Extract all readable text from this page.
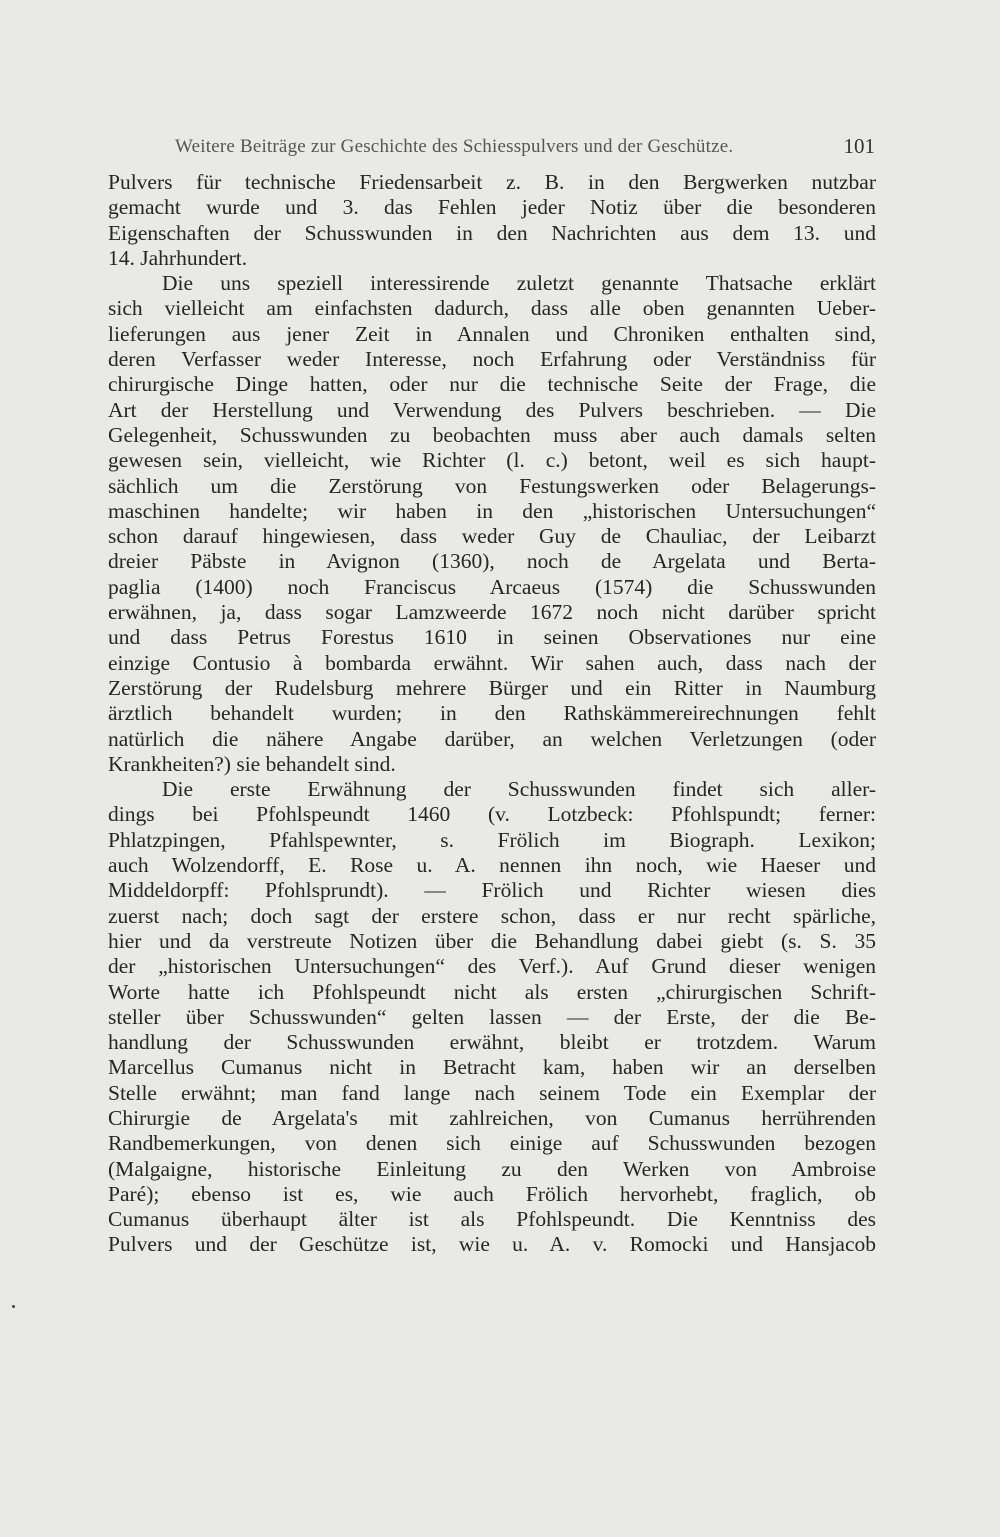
Weitere Beiträge zur Geschichte des Schiesspulvers und der Geschütze.	101
Pulvers für technische Friedensarbeit z. B. in den Bergwerken nutzbar
gemacht wurde und 3. das Fehlen jeder Notiz über die besonderen
Eigenschaften der Schusswunden in den Nachrichten aus dem 13. und
14. Jahrhundert.
Die uns speziell interessirende zuletzt genannte Thatsache erklärt
sich vielleicht am einfachsten dadurch, dass alle oben genannten Ueber-
lieferungen aus jener Zeit in Annalen und Chroniken enthalten sind,
deren Verfasser weder Interesse, noch Erfahrung oder Verständniss für
chirurgische Dinge hatten, oder nur die technische Seite der Frage, die
Art der Herstellung und Verwendung des Pulvers beschrieben. — Die
Gelegenheit, Schusswunden zu beobachten muss aber auch damals selten
gewesen sein, vielleicht, wie Richter (l. c.) betont, weil es sich haupt-
sächlich um die Zerstörung von Festungswerken oder Belagerungs-
maschinen handelte; wir haben in den „historischen Untersuchungen“
schon darauf hingewiesen, dass weder Guy de Chauliac, der Leibarzt
dreier Päbste in Avignon (1360), noch de Argelata und Berta-
paglia (1400) noch Franciscus Arcaeus (1574) die Schusswunden
erwähnen, ja, dass sogar Lamzweerde 1672 noch nicht darüber spricht
und dass Petrus Forestus 1610 in seinen Observationes nur eine
einzige Contusio à bombarda erwähnt. Wir sahen auch, dass nach der
Zerstörung der Rudelsburg mehrere Bürger und ein Ritter in Naumburg
ärztlich behandelt wurden; in den Rathskämmereirechnungen fehlt
natürlich die nähere Angabe darüber, an welchen Verletzungen (oder
Krankheiten?) sie behandelt sind.
Die erste Erwähnung der Schusswunden findet sich aller-
dings bei Pfohlspeundt 1460 (v. Lotzbeck: Pfohlspundt; ferner:
Phlatzpingen, Pfahlspewnter, s. Frölich im Biograph. Lexikon;
auch Wolzendorff, E. Rose u. A. nennen ihn noch, wie Haeser und
Middeldorpff: Pfohlsprundt). — Frölich und Richter wiesen dies
zuerst nach; doch sagt der erstere schon, dass er nur recht spärliche,
hier und da verstreute Notizen über die Behandlung dabei giebt (s. S. 35
der „historischen Untersuchungen“ des Verf.). Auf Grund dieser wenigen
Worte hatte ich Pfohlspeundt nicht als ersten „chirurgischen Schrift-
steller über Schusswunden“ gelten lassen — der Erste, der die Be-
handlung der Schusswunden erwähnt, bleibt er trotzdem. Warum
Marcellus Cumanus nicht in Betracht kam, haben wir an derselben
Stelle erwähnt; man fand lange nach seinem Tode ein Exemplar der
Chirurgie de Argelata's mit zahlreichen, von Cumanus herrührenden
Randbemerkungen, von denen sich einige auf Schusswunden bezogen
(Malgaigne, historische Einleitung zu den Werken von Ambroise
Paré); ebenso ist es, wie auch Frölich hervorhebt, fraglich, ob
Cumanus überhaupt älter ist als Pfohlspeundt. Die Kenntniss des
Pulvers und der Geschütze ist, wie u. A. v. Romocki und Hansjacob
